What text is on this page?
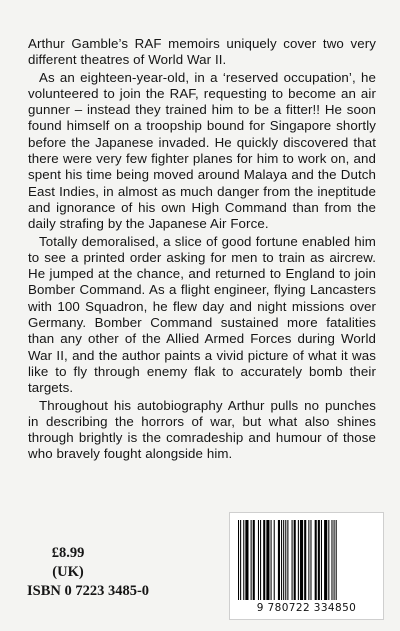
Arthur Gamble’s RAF memoirs uniquely cover two very different theatres of World War II.

As an eighteen-year-old, in a ‘reserved occupation’, he volunteered to join the RAF, requesting to become an air gunner – instead they trained him to be a fitter!! He soon found himself on a troopship bound for Singapore shortly before the Japanese invaded. He quickly discovered that there were very few fighter planes for him to work on, and spent his time being moved around Malaya and the Dutch East Indies, in almost as much danger from the ineptitude and ignorance of his own High Command than from the daily strafing by the Japanese Air Force.

Totally demoralised, a slice of good fortune enabled him to see a printed order asking for men to train as aircrew. He jumped at the chance, and returned to England to join Bomber Command. As a flight engineer, flying Lancasters with 100 Squadron, he flew day and night missions over Germany. Bomber Command sustained more fatalities than any other of the Allied Armed Forces during World War II, and the author paints a vivid picture of what it was like to fly through enemy flak to accurately bomb their targets.

Throughout his autobiography Arthur pulls no punches in describing the horrors of war, but what also shines through brightly is the comradeship and humour of those who bravely fought alongside him.

£8.99
(UK)
ISBN 0 7223 3485-0
9 780722 334850
